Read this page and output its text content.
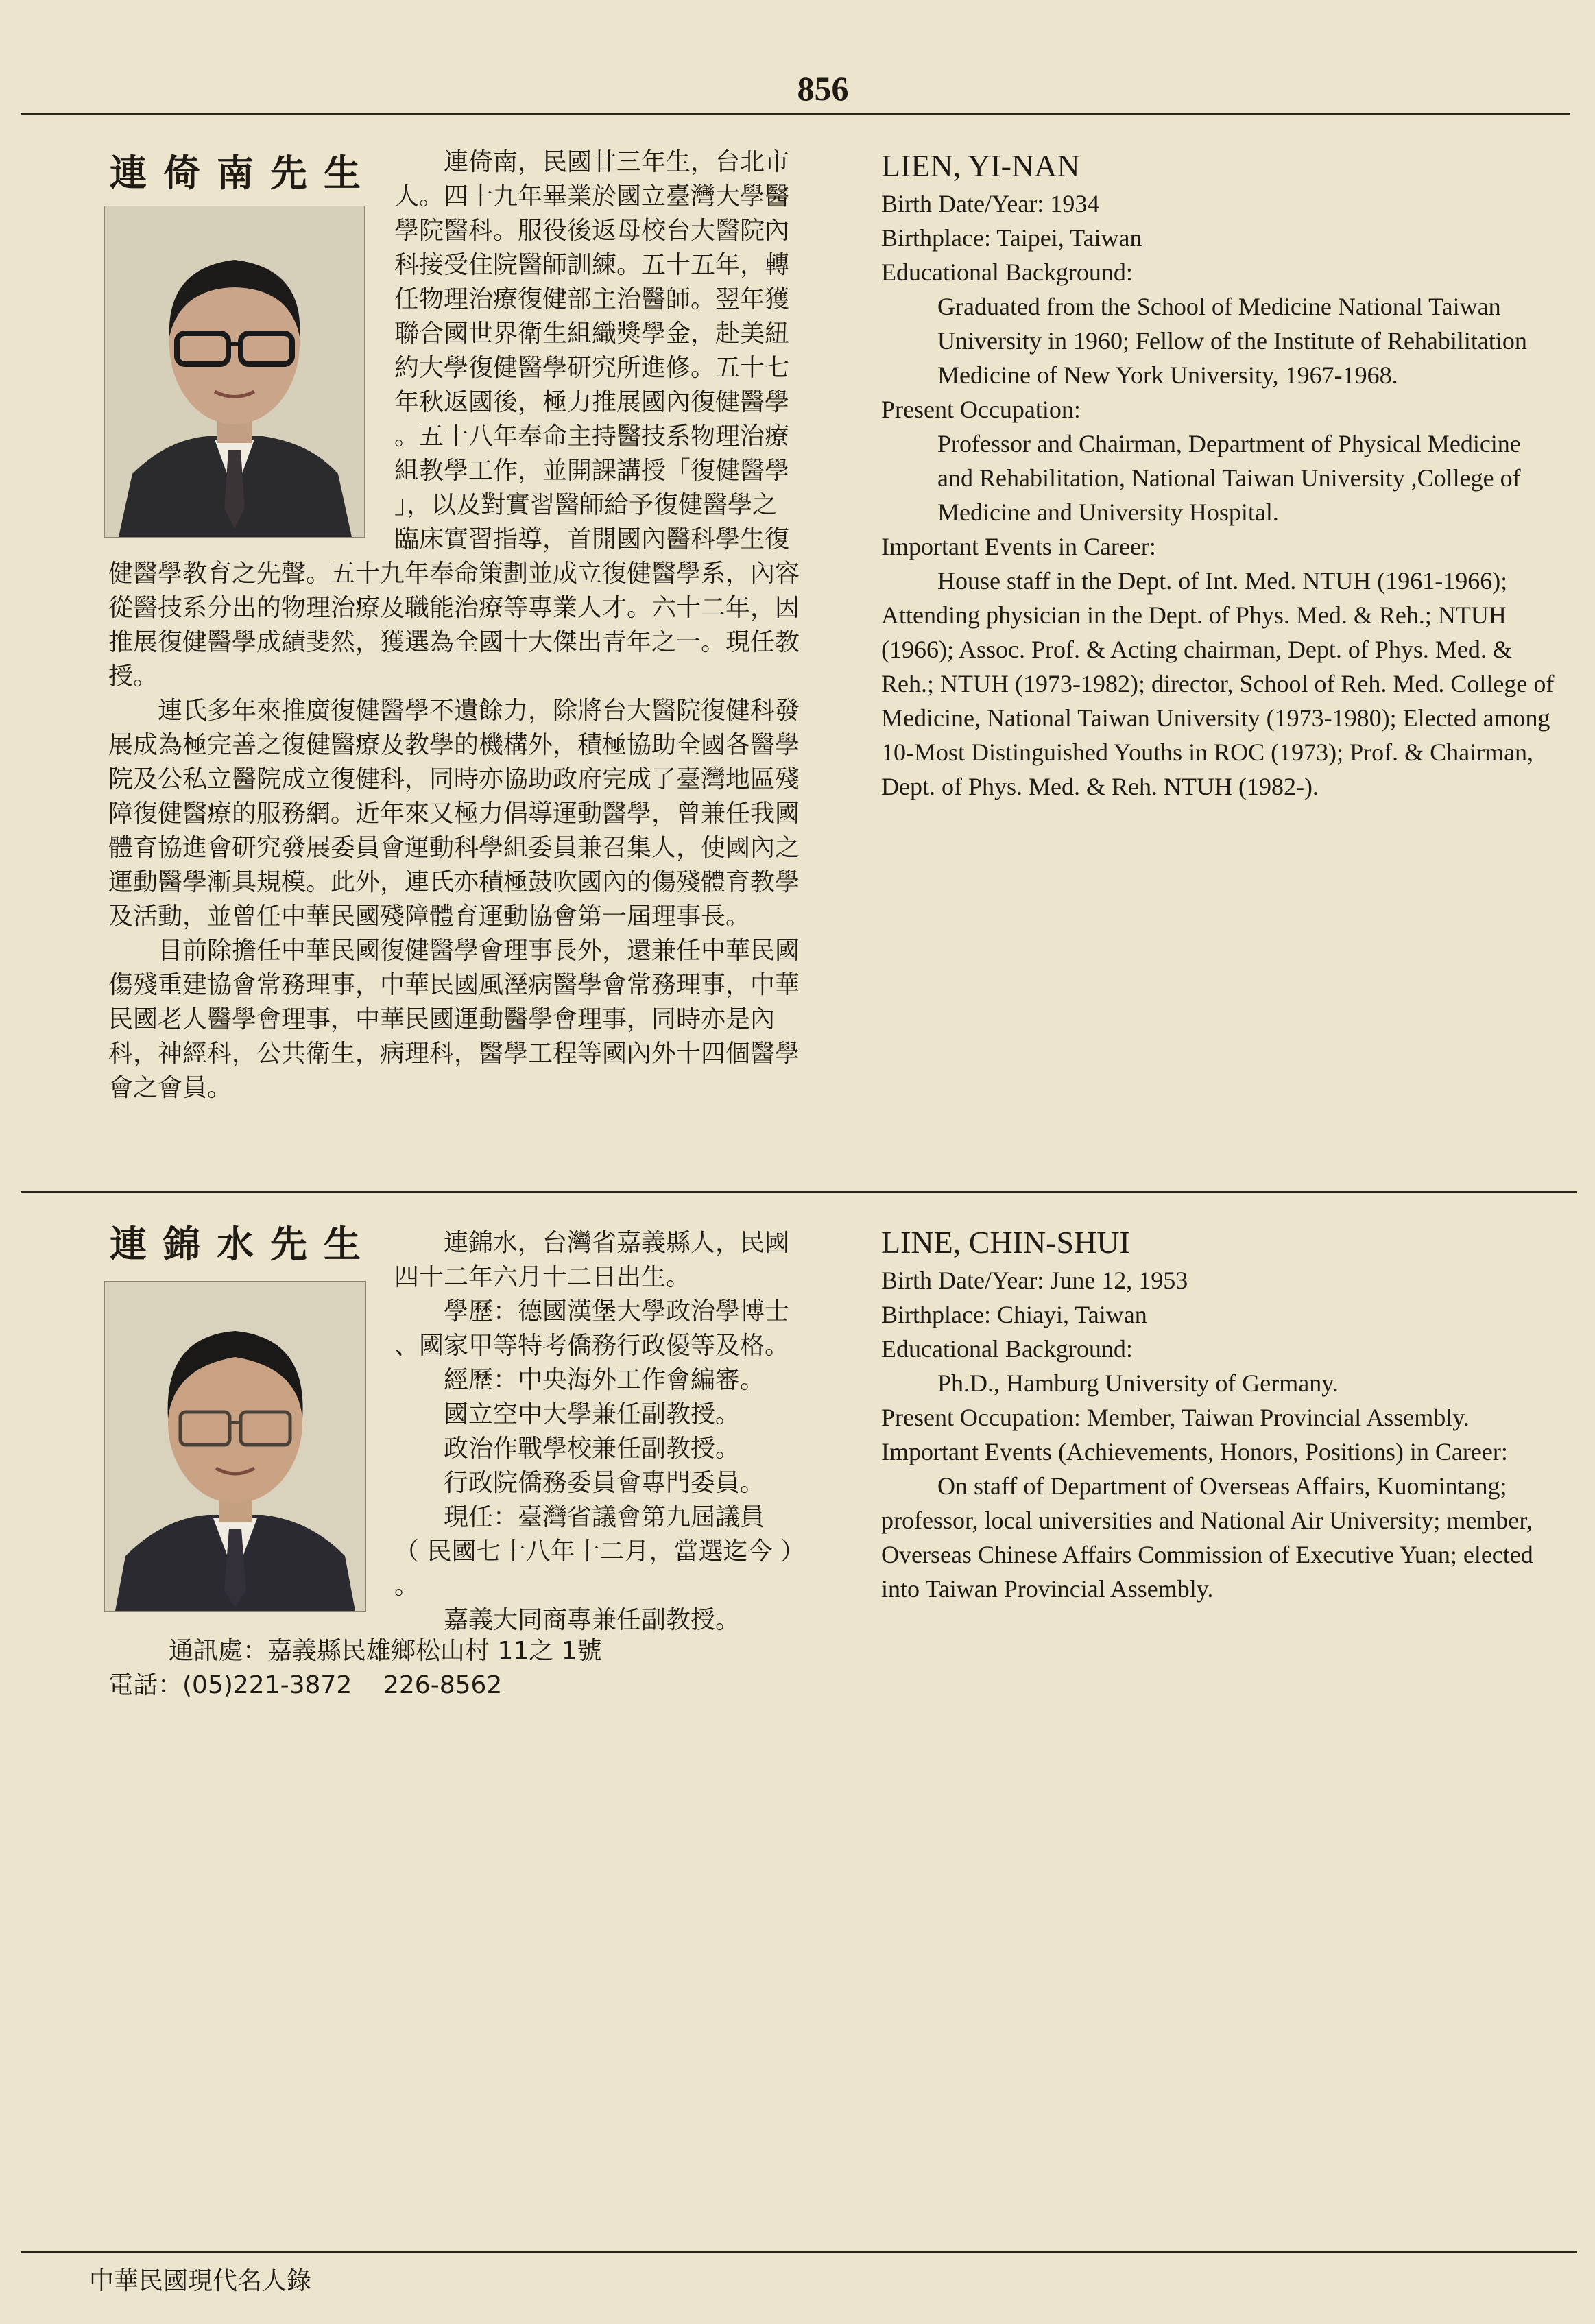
856
連倚南先生	連倚南，民國廿三年生，台北市

人。四十九年畢業於國立臺灣大學醫

學院醫科。服役後返母校台大醫院內

科接受住院醫師訓練。五十五年，轉

任物理治療復健部主治醫師。翌年獲

聯合國世界衛生組織獎學金，赴美紐

約大學復健醫學研究所進修。五十七

年秋返國後，極力推展國內復健醫學

。五十八年奉命主持醫技系物理治療

組教學工作，並開課講授「復健醫學

」，以及對實習醫師給予復健醫學之

臨床實習指導，首開國內醫科學生復

健醫學教育之先聲。五十九年奉命策劃並成立復健醫學系，內容從醫技系分出的物理治療及職能治療等專業人才。六十二年，因推展復健醫學成績斐然，獲選為全國十大傑出青年之一。現任教授。

連氏多年來推廣復健醫學不遺餘力，除將台大醫院復健科發展成為極完善之復健醫療及教學的機構外，積極協助全國各醫學院及公私立醫院成立復健科，同時亦協助政府完成了臺灣地區殘障復健醫療的服務網。近年來又極力倡導運動醫學，曾兼任我國體育協進會研究發展委員會運動科學組委員兼召集人，使國內之運動醫學漸具規模。此外，連氏亦積極鼓吹國內的傷殘體育教學及活動，並曾任中華民國殘障體育運動協會第一屆理事長。

目前除擔任中華民國復健醫學會理事長外，還兼任中華民國傷殘重建協會常務理事，中華民國風溼病醫學會常務理事，中華民國老人醫學會理事，中華民國運動醫學會理事，同時亦是內科，神經科，公共衛生，病理科，醫學工程等國內外十四個醫學會之會員。

LIEN, YI-NAN

Birth Date/Year: 1934

Birthplace: Taipei, Taiwan

Educational Background:

Graduated from the School of Medicine National Taiwan University in 1960; Fellow of the Institute of Rehabilitation Medicine of New York University, 1967-1968.

Present Occupation:

Professor and Chairman, Department of Physical Medicine and Rehabilitation, National Taiwan University ,College of Medicine and University Hospital.

Important Events in Career:

House staff in the Dept. of Int. Med. NTUH (1961-1966); Attending physician in the Dept. of Phys. Med. & Reh.; NTUH (1966); Assoc. Prof. & Acting chairman, Dept. of Phys. Med. & Reh.; NTUH (1973-1982); director, School of Reh. Med. College of Medicine, National Taiwan University (1973-1980); Elected among 10-Most Distinguished Youths in ROC (1973); Prof. & Chairman, Dept. of Phys. Med. & Reh. NTUH (1982-).

連錦水先生	連錦水，台灣省嘉義縣人，民國

四十二年六月十二日出生。

學歷：德國漢堡大學政治學博士

、國家甲等特考僑務行政優等及格。

經歷：中央海外工作會編審。

國立空中大學兼任副教授。

政治作戰學校兼任副教授。

行政院僑務委員會專門委員。

現任：臺灣省議會第九屆議員

（ 民國七十八年十二月，當選迄今 ）

。

嘉義大同商專兼任副教授。

通訊處：嘉義縣民雄鄉松山村 11之 1號

電話：(05)221-3872    226-8562

LINE, CHIN-SHUI

Birth Date/Year: June 12, 1953

Birthplace: Chiayi, Taiwan

Educational Background:

Ph.D., Hamburg University of Germany.

Present Occupation: Member, Taiwan Provincial Assembly.

Important Events (Achievements, Honors, Positions) in Career:

On staff of Department of Overseas Affairs, Kuomintang; professor, local universities and National Air University; member, Overseas Chinese Affairs Commission of Executive Yuan; elected into Taiwan Provincial Assembly.

中華民國現代名人錄
